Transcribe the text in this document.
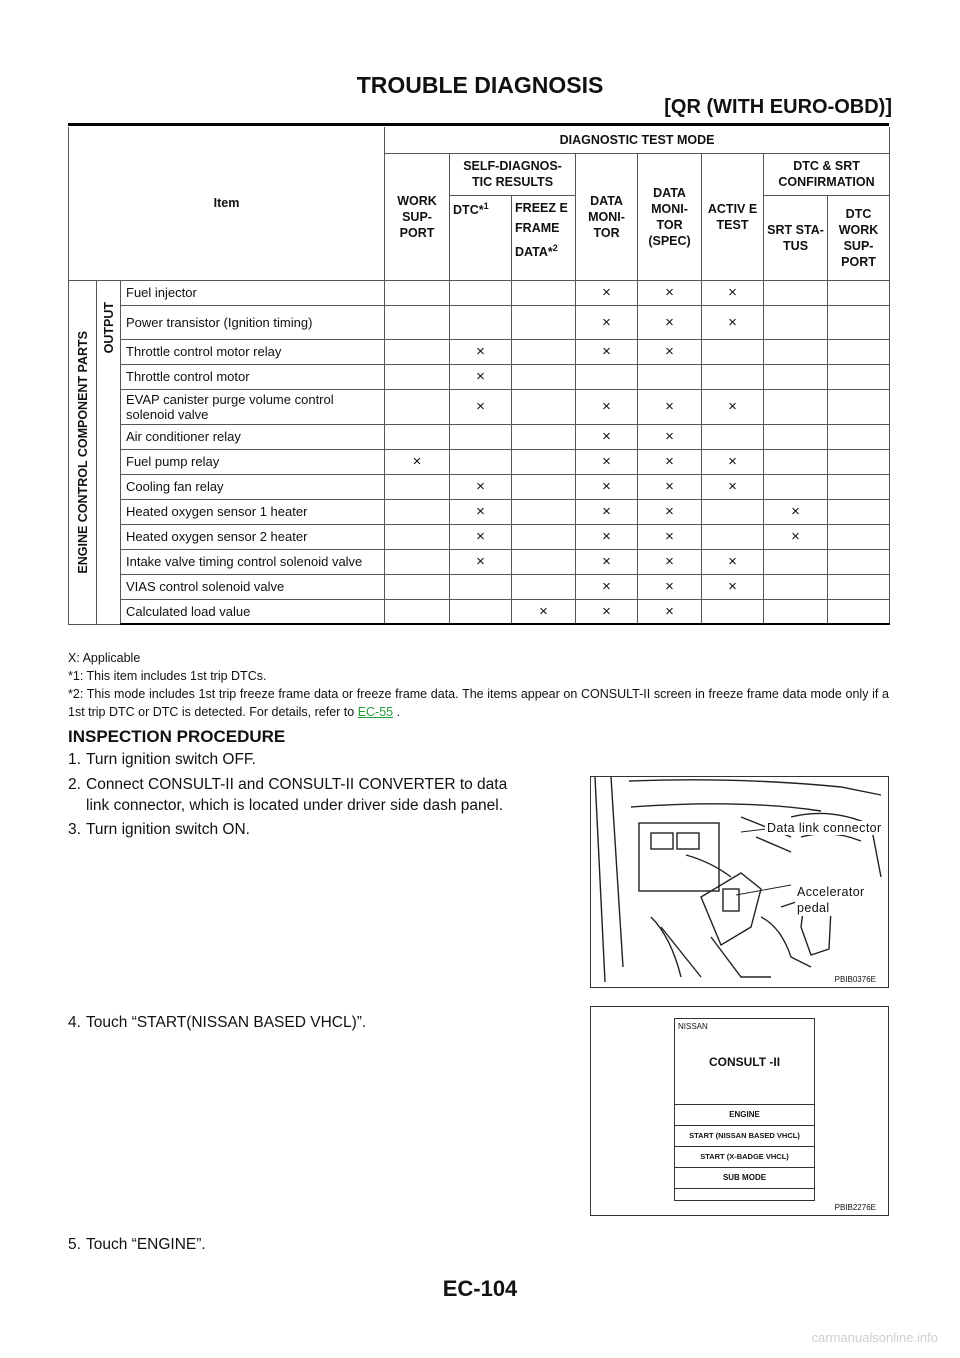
TROUBLE DIAGNOSIS
[QR (WITH EURO-OBD)]
Item			DIAGNOSTIC TEST MODE							
			WORK SUP- PORT	SELF-DIAGNOS- TIC RESULTS		DATA MONI- TOR	DATA MONI- TOR (SPEC)	ACTIV E TEST	DTC & SRT CONFIRMATION	
				DTC*$^1$	FREEZ E FRAME DATA*$^2$				SRT STA- TUS	DTC WORK SUP- PORT

ENGINE CONTROL COMPONENT PARTS	OUTPUT	Fuel injector				×	×	×		
		Power transistor (Ignition timing)				×	×	×		
		Throttle control motor relay		×		×	×			
		Throttle control motor		×						
		EVAP canister purge volume control solenoid valve		×		×	×	×		
		Air conditioner relay				×	×			
		Fuel pump relay	×			×	×	×		
		Cooling fan relay		×		×	×	×		
		Heated oxygen sensor 1 heater		×		×	×		×	
		Heated oxygen sensor 2 heater		×		×	×		×	
		Intake valve timing control solenoid valve		×		×	×	×		
		VIAS control solenoid valve				×	×	×		
		Calculated load value			×	×	×			

X: Applicable

*1: This item includes 1st trip DTCs.

*2: This mode includes 1st trip freeze frame data or freeze frame data. The items appear on CONSULT-II screen in freeze frame data mode only if a 1st trip DTC or DTC is detected. For details, refer to EC-55 .

INSPECTION PROCEDURE
1. Turn ignition switch OFF.
2. Connect CONSULT-II and CONSULT-II CONVERTER to data
link connector, which is located under driver side dash panel.
3. Turn ignition switch ON.
4. Touch “START(NISSAN BASED VHCL)”.
5. Touch “ENGINE”.
Data link connector
Accelerator
pedal
PBIB0376E
NISSAN
CONSULT -II
ENGINE
START (NISSAN BASED VHCL)
START (X-BADGE VHCL)
SUB MODE
PBIB2276E
EC-104
carmanualsonline.info
